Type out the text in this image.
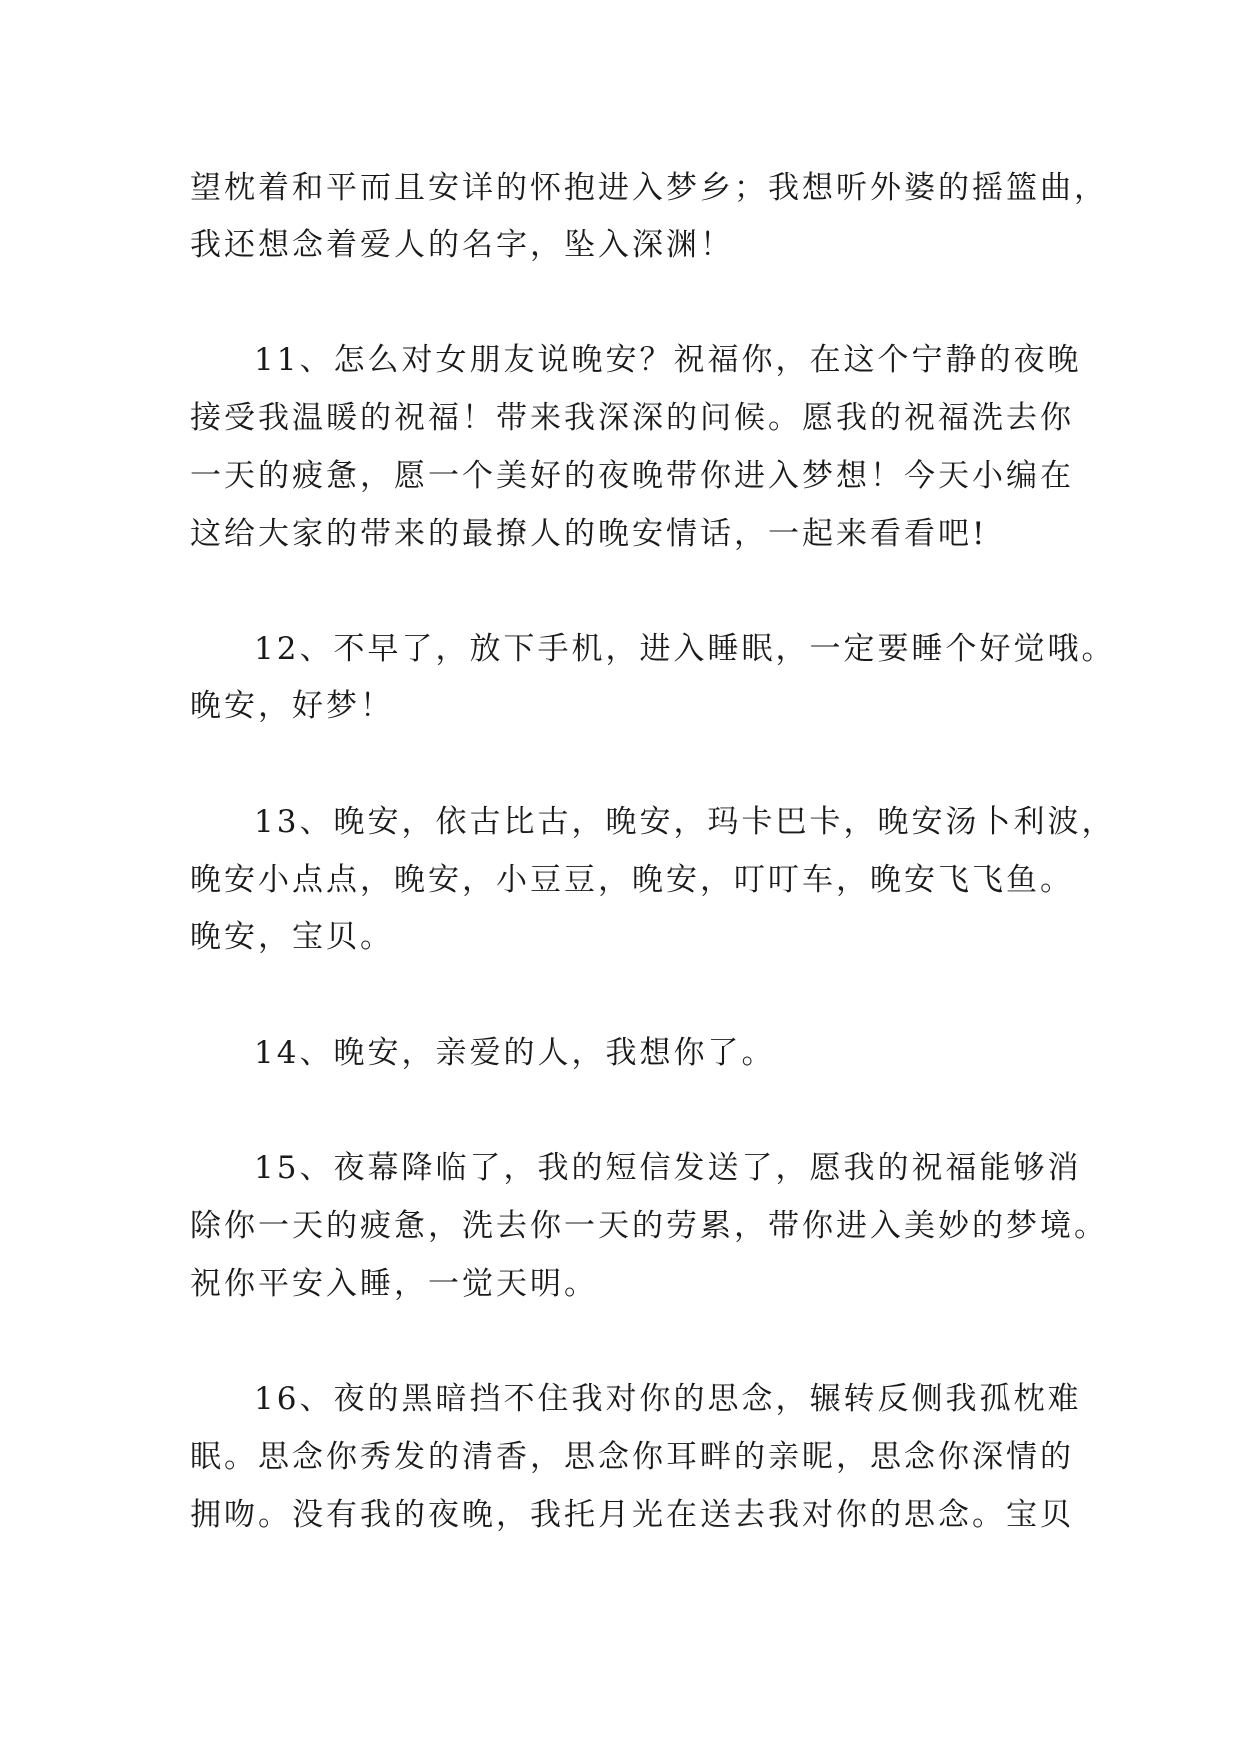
望枕着和平而且安详的怀抱进入梦乡；我想听外婆的摇篮曲，
我还想念着爱人的名字，坠入深渊！
11、怎么对女朋友说晚安？祝福你，在这个宁静的夜晚
接受我温暖的祝福！带来我深深的问候。愿我的祝福洗去你
一天的疲惫，愿一个美好的夜晚带你进入梦想！今天小编在
这给大家的带来的最撩人的晚安情话，一起来看看吧!
12、不早了，放下手机，进入睡眠，一定要睡个好觉哦。
晚安，好梦！
13、晚安，依古比古，晚安，玛卡巴卡，晚安汤卜利波，
晚安小点点，晚安，小豆豆，晚安，叮叮车，晚安飞飞鱼。
晚安，宝贝。
14、晚安，亲爱的人，我想你了。
15、夜幕降临了，我的短信发送了，愿我的祝福能够消
除你一天的疲惫，洗去你一天的劳累，带你进入美妙的梦境。
祝你平安入睡，一觉天明。
16、夜的黑暗挡不住我对你的思念，辗转反侧我孤枕难
眠。思念你秀发的清香，思念你耳畔的亲昵，思念你深情的
拥吻。没有我的夜晚，我托月光在送去我对你的思念。宝贝
